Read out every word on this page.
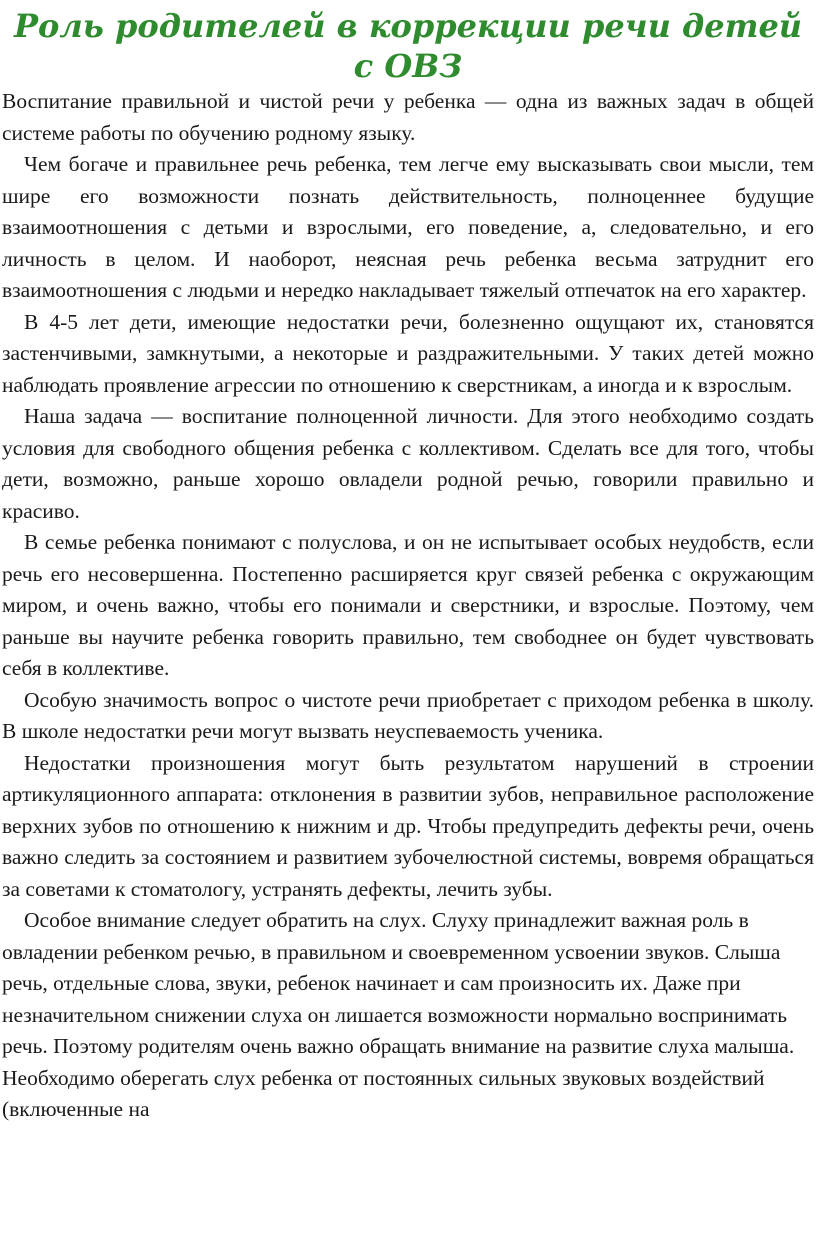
Роль родителей в коррекции речи детей с ОВЗ

Воспитание правильной и чистой речи у ребенка — одна из важных задач в общей системе работы по обучению родному языку.

Чем богаче и правильнее речь ребенка, тем легче ему высказывать свои мысли, тем шире его возможности познать действительность, полноценнее будущие взаимоотношения с детьми и взрослыми, его поведение, а, следовательно, и его личность в целом. И наоборот, неясная речь ребенка весьма затруднит его взаимоотношения с людьми и нередко накладывает тяжелый отпечаток на его характер.

В 4-5 лет дети, имеющие недостатки речи, болезненно ощущают их, становятся застенчивыми, замкнутыми, а некоторые и раздражительными. У таких детей можно наблюдать проявление агрессии по отношению к сверстникам, а иногда и к взрослым.

Наша задача — воспитание полноценной личности. Для этого необходимо создать условия для свободного общения ребенка с коллективом. Сделать все для того, чтобы дети, возможно, раньше хорошо овладели родной речью, говорили правильно и красиво.

В семье ребенка понимают с полуслова, и он не испытывает особых неудобств, если речь его несовершенна. Постепенно расширяется круг связей ребенка с окружающим миром, и очень важно, чтобы его понимали и сверстники, и взрослые. Поэтому, чем раньше вы научите ребенка говорить правильно, тем свободнее он будет чувствовать себя в коллективе.

Особую значимость вопрос о чистоте речи приобретает с приходом ребенка в школу. В школе недостатки речи могут вызвать неуспеваемость ученика.

Недостатки произношения могут быть результатом нарушений в строении артикуляционного аппарата: отклонения в развитии зубов, неправильное расположение верхних зубов по отношению к нижним и др. Чтобы предупредить дефекты речи, очень важно следить за состоянием и развитием зубочелюстной системы, вовремя обращаться за советами к стоматологу, устранять дефекты, лечить зубы.

Особое внимание следует обратить на слух. Слуху принадлежит важная роль в овладении ребенком речью, в правильном и своевременном усвоении звуков. Слыша речь, отдельные слова, звуки, ребенок начинает и сам произносить их. Даже при незначительном снижении слуха он лишается возможности нормально воспринимать речь. Поэтому родителям очень важно обращать внимание на развитие слуха малыша. Необходимо оберегать слух ребенка от постоянных сильных звуковых воздействий (включенные на
